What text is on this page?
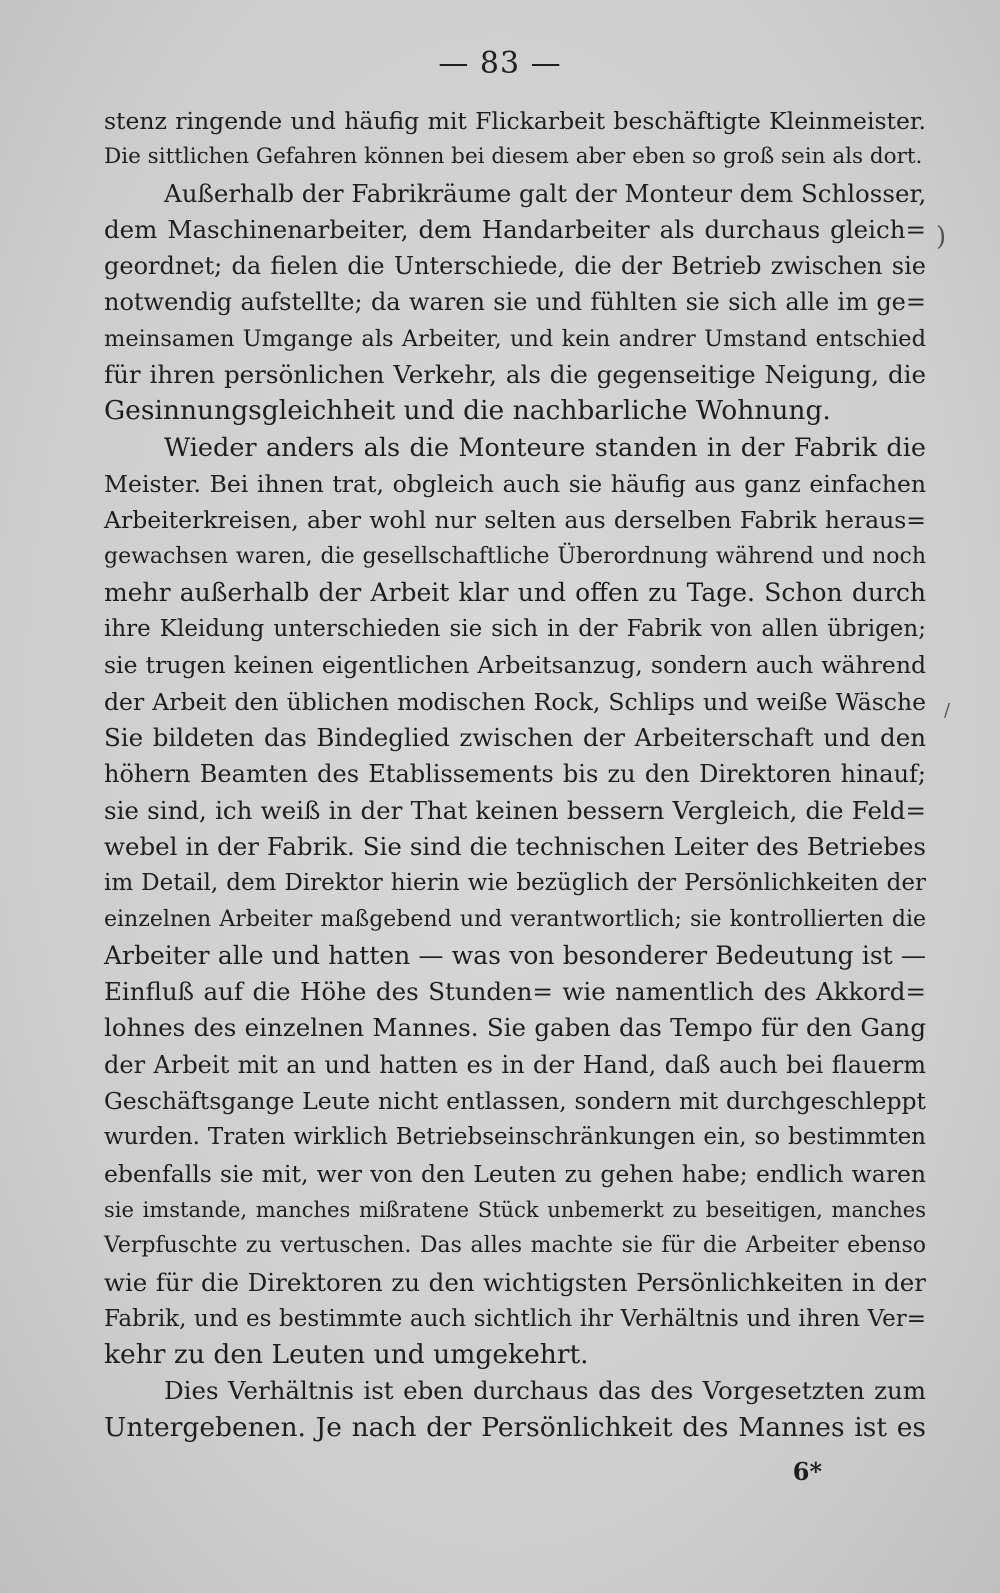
— 83 —
stenz ringende und häufig mit Flickarbeit beschäftigte Kleinmeister.
Die sittlichen Gefahren können bei diesem aber eben so groß sein als dort.
Außerhalb der Fabrikräume galt der Monteur dem Schlosser,
dem Maschinenarbeiter, dem Handarbeiter als durchaus gleich=
geordnet; da fielen die Unterschiede, die der Betrieb zwischen sie
notwendig aufstellte; da waren sie und fühlten sie sich alle im ge=
meinsamen Umgange als Arbeiter, und kein andrer Umstand entschied
für ihren persönlichen Verkehr, als die gegenseitige Neigung, die
Gesinnungsgleichheit und die nachbarliche Wohnung.
Wieder anders als die Monteure standen in der Fabrik die
Meister. Bei ihnen trat, obgleich auch sie häufig aus ganz einfachen
Arbeiterkreisen, aber wohl nur selten aus derselben Fabrik heraus=
gewachsen waren, die gesellschaftliche Überordnung während und noch
mehr außerhalb der Arbeit klar und offen zu Tage. Schon durch
ihre Kleidung unterschieden sie sich in der Fabrik von allen übrigen;
sie trugen keinen eigentlichen Arbeitsanzug, sondern auch während
der Arbeit den üblichen modischen Rock, Schlips und weiße Wäsche
Sie bildeten das Bindeglied zwischen der Arbeiterschaft und den
höhern Beamten des Etablissements bis zu den Direktoren hinauf;
sie sind, ich weiß in der That keinen bessern Vergleich, die Feld=
webel in der Fabrik. Sie sind die technischen Leiter des Betriebes
im Detail, dem Direktor hierin wie bezüglich der Persönlichkeiten der
einzelnen Arbeiter maßgebend und verantwortlich; sie kontrollierten die
Arbeiter alle und hatten — was von besonderer Bedeutung ist —
Einfluß auf die Höhe des Stunden= wie namentlich des Akkord=
lohnes des einzelnen Mannes. Sie gaben das Tempo für den Gang
der Arbeit mit an und hatten es in der Hand, daß auch bei flauerm
Geschäftsgange Leute nicht entlassen, sondern mit durchgeschleppt
wurden. Traten wirklich Betriebseinschränkungen ein, so bestimmten
ebenfalls sie mit, wer von den Leuten zu gehen habe; endlich waren
sie imstande, manches mißratene Stück unbemerkt zu beseitigen, manches
Verpfuschte zu vertuschen. Das alles machte sie für die Arbeiter ebenso
wie für die Direktoren zu den wichtigsten Persönlichkeiten in der
Fabrik, und es bestimmte auch sichtlich ihr Verhältnis und ihren Ver=
kehr zu den Leuten und umgekehrt.
Dies Verhältnis ist eben durchaus das des Vorgesetzten zum
Untergebenen. Je nach der Persönlichkeit des Mannes ist es
6*
)
/
